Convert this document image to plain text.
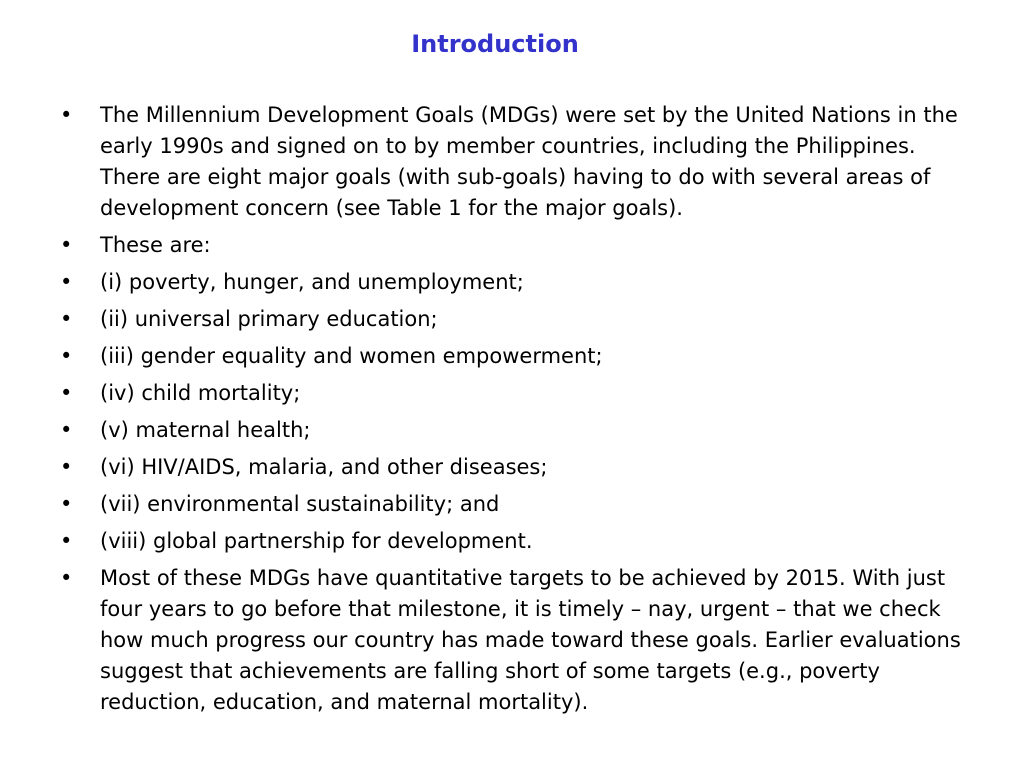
Introduction
•	The Millennium Development Goals (MDGs) were set by the United Nations in the early 1990s and signed on to by member countries, including the Philippines. There are eight major goals (with sub-goals) having to do with several areas of development concern (see Table 1 for the major goals).
•	These are:
•	(i) poverty, hunger, and unemployment;
•	(ii) universal primary education;
•	(iii) gender equality and women empowerment;
•	(iv) child mortality;
•	(v) maternal health;
•	(vi) HIV/AIDS, malaria, and other diseases;
•	(vii) environmental sustainability; and
•	(viii) global partnership for development.
•	Most of these MDGs have quantitative targets to be achieved by 2015. With just four years to go before that milestone, it is timely – nay, urgent – that we check how much progress our country has made toward these goals. Earlier evaluations suggest that achievements are falling short of some targets (e.g., poverty reduction, education, and maternal mortality).
